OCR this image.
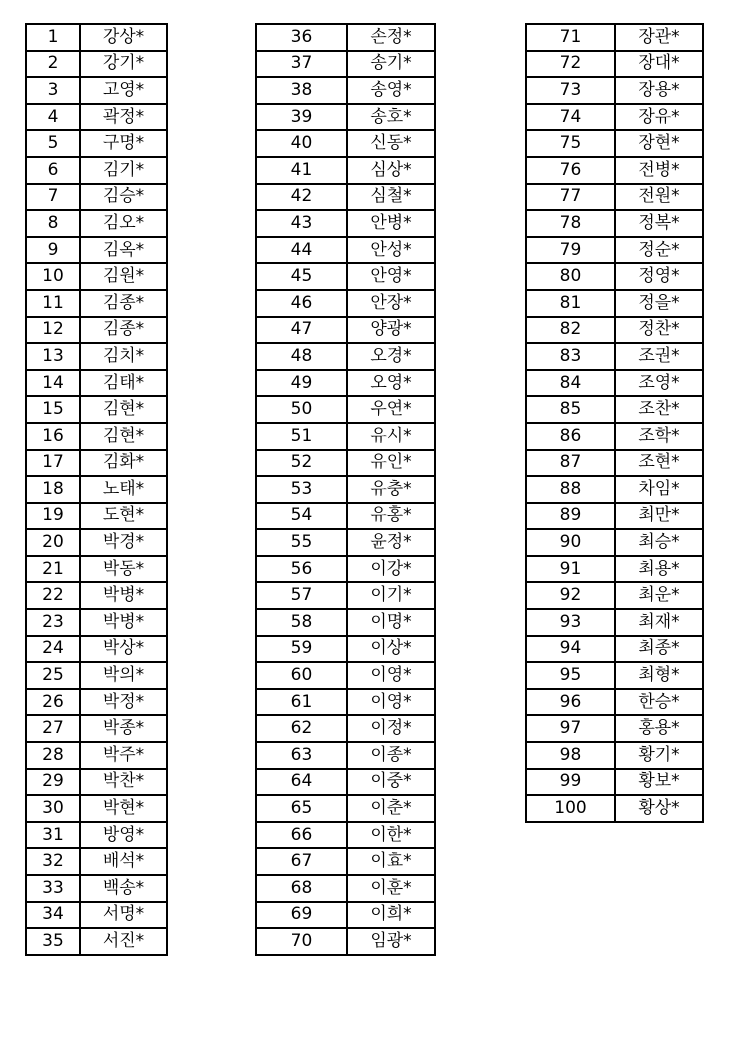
1	강상*
2	강기*
3	고영*
4	곽정*
5	구명*
6	김기*
7	김승*
8	김오*
9	김옥*
10	김원*
11	김종*
12	김종*
13	김치*
14	김태*
15	김현*
16	김현*
17	김화*
18	노태*
19	도현*
20	박경*
21	박동*
22	박병*
23	박병*
24	박상*
25	박의*
26	박정*
27	박종*
28	박주*
29	박찬*
30	박현*
31	방영*
32	배석*
33	백송*
34	서명*
35	서진*
36	손정*
37	송기*
38	송영*
39	송호*
40	신동*
41	심상*
42	심철*
43	안병*
44	안성*
45	안영*
46	안장*
47	양광*
48	오경*
49	오영*
50	우연*
51	유시*
52	유인*
53	유충*
54	유홍*
55	윤정*
56	이강*
57	이기*
58	이명*
59	이상*
60	이영*
61	이영*
62	이정*
63	이종*
64	이중*
65	이춘*
66	이한*
67	이효*
68	이훈*
69	이희*
70	임광*
71	장관*
72	장대*
73	장용*
74	장유*
75	장현*
76	전병*
77	전원*
78	정복*
79	정순*
80	정영*
81	정을*
82	정찬*
83	조권*
84	조영*
85	조찬*
86	조학*
87	조현*
88	차임*
89	최만*
90	최승*
91	최용*
92	최운*
93	최재*
94	최종*
95	최형*
96	한승*
97	홍용*
98	황기*
99	황보*
100	황상*
